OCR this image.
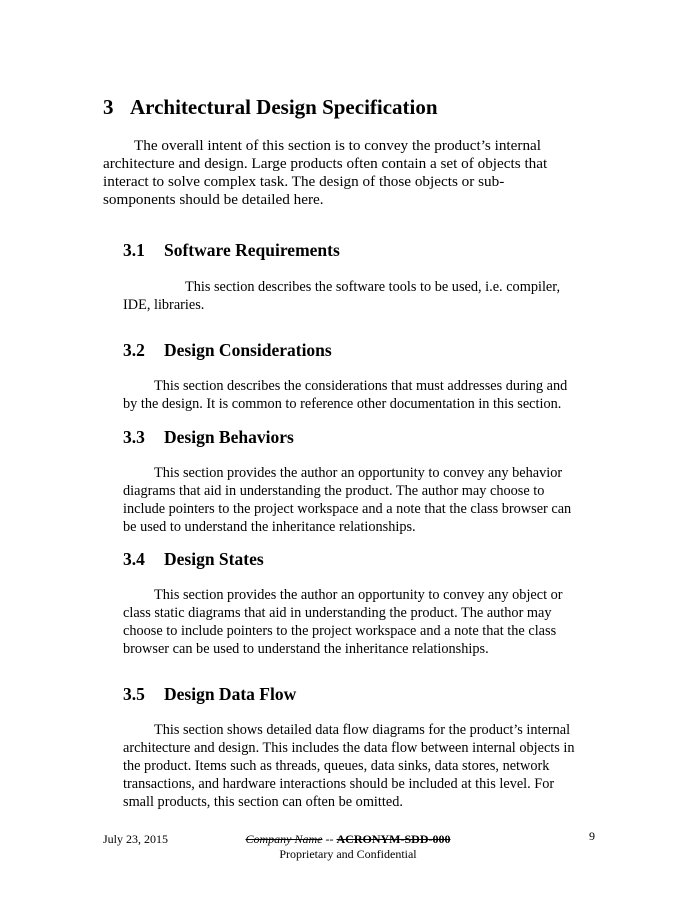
3 Architectural Design Specification

The overall intent of this section is to convey the product’s internal
architecture and design. Large products often contain a set of objects that
interact to solve complex task. The design of those objects or sub-
somponents should be detailed here.

3.1 Software Requirements

This section describes the software tools to be used, i.e. compiler,
IDE, libraries.

3.2 Design Considerations

This section describes the considerations that must addresses during and
by the design. It is common to reference other documentation in this section.

3.3 Design Behaviors

This section provides the author an opportunity to convey any behavior
diagrams that aid in understanding the product. The author may choose to
include pointers to the project workspace and a note that the class browser can
be used to understand the inheritance relationships.

3.4 Design States

This section provides the author an opportunity to convey any object or
class static diagrams that aid in understanding the product. The author may
choose to include pointers to the project workspace and a note that the class
browser can be used to understand the inheritance relationships.

3.5 Design Data Flow

This section shows detailed data flow diagrams for the product’s internal
architecture and design. This includes the data flow between internal objects in
the product. Items such as threads, queues, data sinks, data stores, network
transactions, and hardware interactions should be included at this level. For
small products, this section can often be omitted.

July 23, 2015	Company Name -- ACRONYM-SDD-000
Proprietary and Confidential
9
